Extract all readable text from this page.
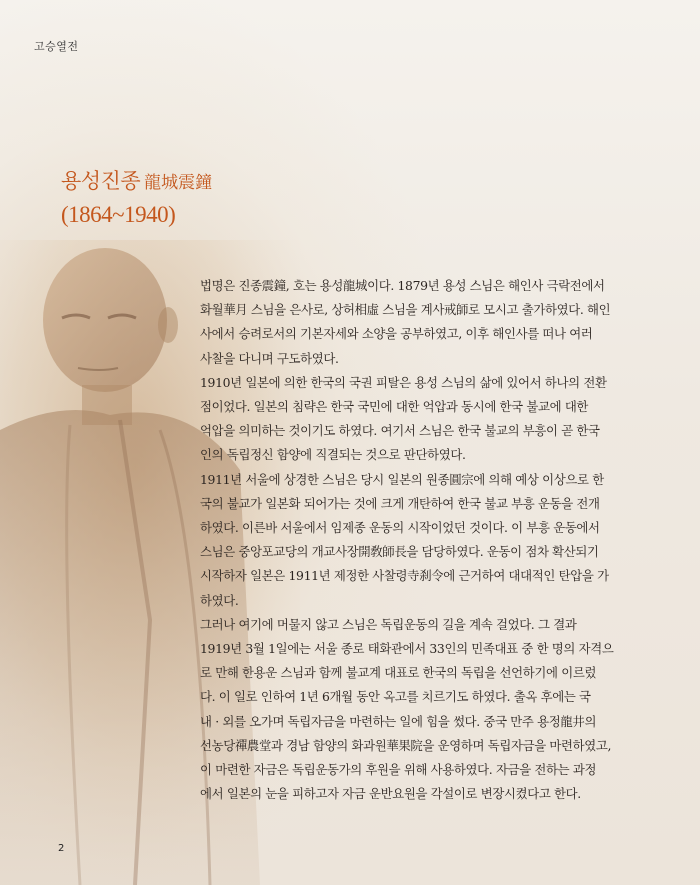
고승열전
용성진종 龍城震鐘
(1864~1940)
법명은 진종震鐘, 호는 용성龍城이다. 1879년 용성 스님은 해인사 극락전에서
화월華月 스님을 은사로, 상허相虛 스님을 계사戒師로 모시고 출가하였다. 해인
사에서 승려로서의 기본자세와 소양을 공부하였고, 이후 해인사를 떠나 여러
사찰을 다니며 구도하였다.
1910년 일본에 의한 한국의 국권 피탈은 용성 스님의 삶에 있어서 하나의 전환
점이었다. 일본의 침략은 한국 국민에 대한 억압과 동시에 한국 불교에 대한
억압을 의미하는 것이기도 하였다. 여기서 스님은 한국 불교의 부흥이 곧 한국
인의 독립정신 함양에 직결되는 것으로 판단하였다.
1911년 서울에 상경한 스님은 당시 일본의 원종圓宗에 의해 예상 이상으로 한
국의 불교가 일본화 되어가는 것에 크게 개탄하여 한국 불교 부흥 운동을 전개
하였다. 이른바 서울에서 임제종 운동의 시작이었던 것이다. 이 부흥 운동에서
스님은 중앙포교당의 개교사장開敎師長을 담당하였다. 운동이 점차 확산되기
시작하자 일본은 1911년 제정한 사찰령寺刹令에 근거하여 대대적인 탄압을 가
하였다.
그러나 여기에 머물지 않고 스님은 독립운동의 길을 계속 걸었다. 그 결과
1919년 3월 1일에는 서울 종로 태화관에서 33인의 민족대표 중 한 명의 자격으
로 만해 한용운 스님과 함께 불교계 대표로 한국의 독립을 선언하기에 이르렀
다. 이 일로 인하여 1년 6개월 동안 옥고를 치르기도 하였다. 출옥 후에는 국
내 · 외를 오가며 독립자금을 마련하는 일에 힘을 썼다. 중국 만주 용정龍井의
선농당禪農堂과 경남 함양의 화과원華果院을 운영하며 독립자금을 마련하였고,
이 마련한 자금은 독립운동가의 후원을 위해 사용하였다. 자금을 전하는 과정
에서 일본의 눈을 피하고자 자금 운반요원을 각설이로 변장시켰다고 한다.
2
